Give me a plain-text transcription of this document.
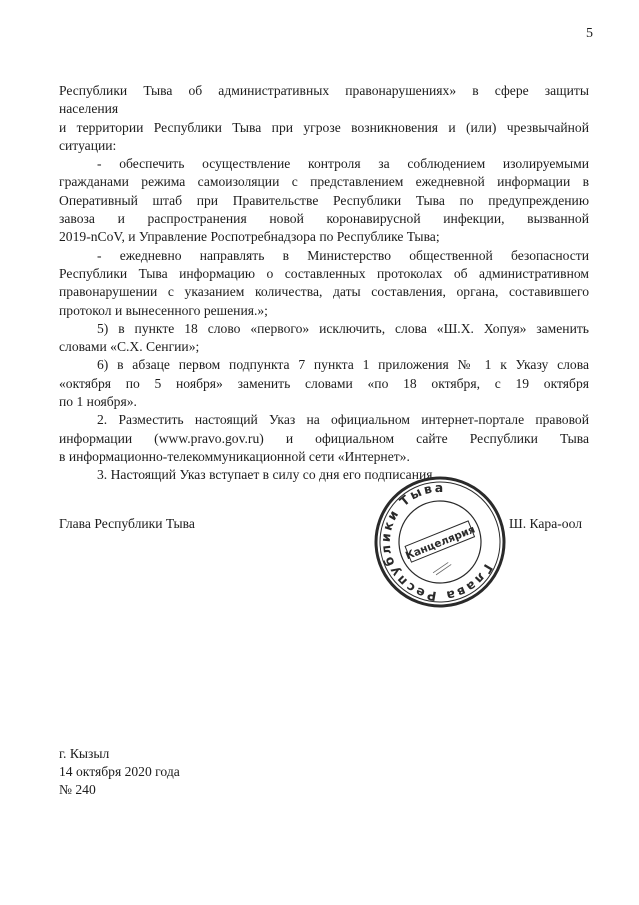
5

Республики Тыва об административных правонарушениях» в сфере защиты
населения

и территории Республики Тыва при угрозе возникновения и (или) чрезвычайной
ситуации:

- обеспечить осуществление контроля за соблюдением изолируемыми
гражданами режима самоизоляции с представлением ежедневной информации в
Оперативный штаб при Правительстве Республики Тыва по предупреждению
завоза и распространения новой коронавирусной инфекции, вызванной
2019-nCoV, и Управление Роспотребнадзора по Республике Тыва;

- ежедневно направлять в Министерство общественной безопасности
Республики Тыва информацию о составленных протоколах об административном
правонарушении с указанием количества, даты составления, органа, составившего
протокол и вынесенного решения.»;

5) в пункте 18 слово «первого» исключить, слова «Ш.Х. Хопуя» заменить
словами «С.Х. Сенгии»;

6) в абзаце первом подпункта 7 пункта 1 приложения № 1 к Указу слова
«октября по 5 ноября» заменить словами «по 18 октября, с 19 октября
по 1 ноября».

2. Разместить настоящий Указ на официальном интернет-портале правовой
информации (www.pravo.gov.ru) и официальном сайте Республики Тыва
в информационно-телекоммуникационной сети «Интернет».

3. Настоящий Указ вступает в силу со дня его подписания.

Глава Республики Тыва	Ш. Кара-оол
Глава Республики Тыва
Канцелярия
г. Кызыл
14 октября 2020 года
№ 240
